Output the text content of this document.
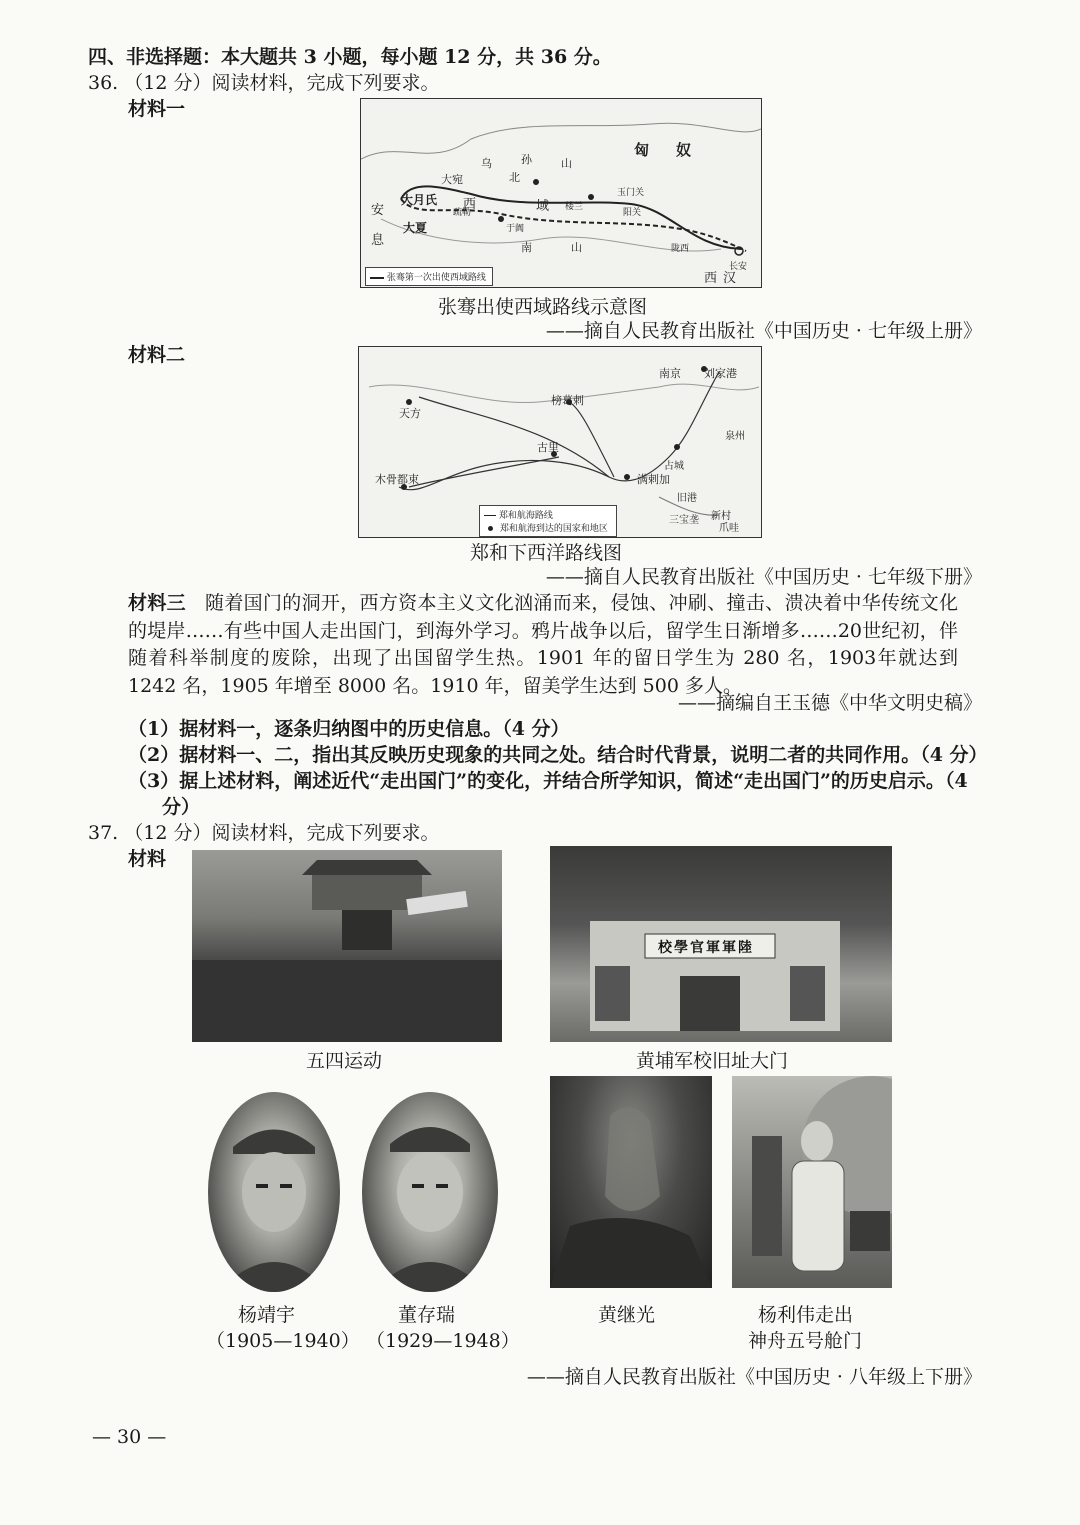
四、非选择题：本大题共 3 小题，每小题 12 分，共 36 分。
36. （12 分）阅读材料，完成下列要求。
材料一
匈 奴
乌	孙	山
北
大宛
大月氏 西	域
安
大夏
息	南	山
玉门关
阳关
楼兰
于阗
疏勒
陇西
长安
西 汉
张骞第一次出使西域路线
张骞出使西域路线示意图
——摘自人民教育出版社《中国历史 · 七年级上册》
材料二
南京 刘家港
天方
榜葛剌
古里
木骨都束	满剌加
占城
旧港
三宝垄 新村
爪哇
泉州
郑和航海路线
郑和航海到达的国家和地区
郑和下西洋路线图
——摘自人民教育出版社《中国历史 · 七年级下册》
材料三 随着国门的洞开，西方资本主义文化汹涌而来，侵蚀、冲刷、撞击、溃决着中华传统文化的堤岸……有些中国人走出国门，到海外学习。鸦片战争以后，留学生日渐增多……20世纪初，伴随着科举制度的废除，出现了出国留学生热。1901 年的留日学生为 280 名，1903年就达到 1242 名，1905 年增至 8000 名。1910 年，留美学生达到 500 多人。
——摘编自王玉德《中华文明史稿》
（1）据材料一，逐条归纳图中的历史信息。（4 分）
（2）据材料一、二，指出其反映历史现象的共同之处。结合时代背景，说明二者的共同作用。（4 分）
（3）据上述材料，阐述近代“走出国门”的变化，并结合所学知识，简述“走出国门”的历史启示。（4 分）
37. （12 分）阅读材料，完成下列要求。
材料
五四运动
校學官軍軍陸
黄埔军校旧址大门
杨靖宇
（1905—1940）
董存瑞
（1929—1948）
黄继光	杨利伟走出
神舟五号舱门
——摘自人民教育出版社《中国历史 · 八年级上下册》
— 30 —
